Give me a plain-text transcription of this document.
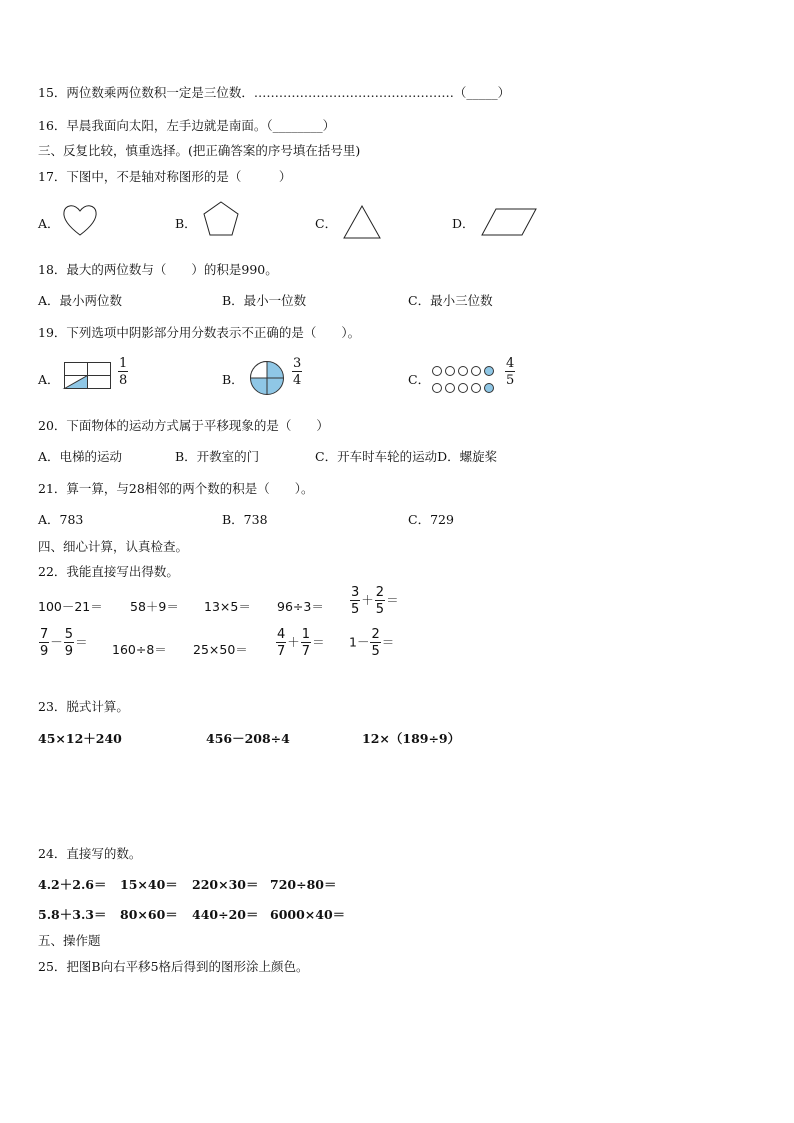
15．两位数乘两位数积一定是三位数．…………………………………………（_____）
16．早晨我面向太阳，左手边就是南面。（________）
三、反复比较，慎重选择。(把正确答案的序号填在括号里)
17．下图中，不是轴对称图形的是（　　　）
A．	B．	C．	D．
18．最大的两位数与（　　）的积是990。
A．最小两位数	B．最小一位数	C．最小三位数
19．下列选项中阴影部分用分数表示不正确的是（　　）。
A．	$\frac{1}{8}$	B．	$\frac{3}{4}$	C．	$\frac{4}{5}$
20．下面物体的运动方式属于平移现象的是（　　）
A．电梯的运动	B．开教室的门	C．开车时车轮的运动D．螺旋桨
21．算一算，与28相邻的两个数的积是（　　）。
A．783	B．738	C．729
四、细心计算，认真检查。
22．我能直接写出得数。
$100-21= 58+9= 13\times 5= 96\div 3= \frac{3}{5} + \frac{2}{5}$ ＝
$\frac{7}{9} - \frac{5}{9} = 160\div 8= 25\times 50= \frac{4}{7} + \frac{1}{7} = 1- \frac{2}{5}$ ＝
23．脱式计算。
45×12＋240	456－208÷4	12×（189÷9）
24．直接写的数。
4.2＋2.6＝ 15×40＝ 220×30＝ 720÷80＝
5.8＋3.3＝ 80×60＝ 440÷20＝ 6000×40＝
五、操作题
25．把图B向右平移5格后得到的图形涂上颜色。
